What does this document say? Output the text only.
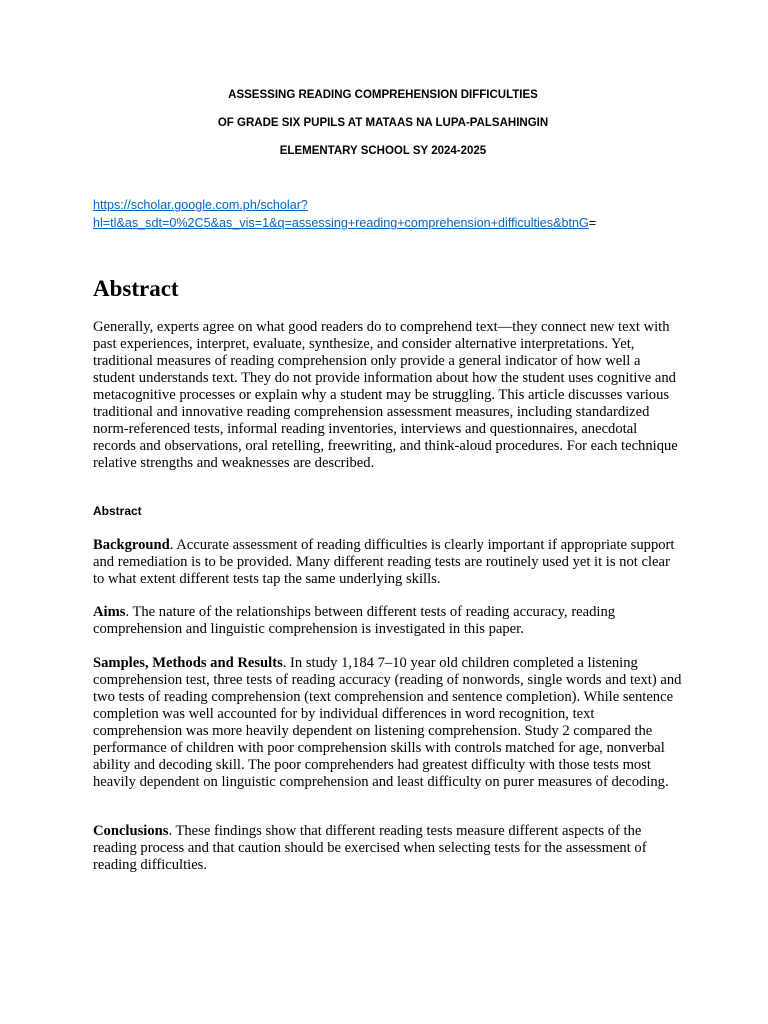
ASSESSING READING COMPREHENSION DIFFICULTIES

OF GRADE SIX PUPILS AT MATAAS NA LUPA-PALSAHINGIN

ELEMENTARY SCHOOL SY 2024-2025

https://scholar.google.com.ph/scholar?
hl=tl&as_sdt=0%2C5&as_vis=1&q=assessing+reading+comprehension+difficulties&btnG=
Abstract

Generally, experts agree on what good readers do to comprehend text—they connect new text with past experiences, interpret, evaluate, synthesize, and consider alternative interpretations. Yet, traditional measures of reading comprehension only provide a general indicator of how well a student understands text. They do not provide information about how the student uses cognitive and metacognitive processes or explain why a student may be struggling. This article discusses various traditional and innovative reading comprehension assessment measures, including standardized norm-referenced tests, informal reading inventories, interviews and questionnaires, anecdotal records and observations, oral retelling, freewriting, and think-aloud procedures. For each technique relative strengths and weaknesses are described.

Abstract

Background. Accurate assessment of reading difficulties is clearly important if appropriate support and remediation is to be provided. Many different reading tests are routinely used yet it is not clear to what extent different tests tap the same underlying skills.

Aims. The nature of the relationships between different tests of reading accuracy, reading comprehension and linguistic comprehension is investigated in this paper.

Samples, Methods and Results. In study 1,184 7–10 year old children completed a listening comprehension test, three tests of reading accuracy (reading of nonwords, single words and text) and two tests of reading comprehension (text comprehension and sentence completion). While sentence completion was well accounted for by individual differences in word recognition, text comprehension was more heavily dependent on listening comprehension. Study 2 compared the performance of children with poor comprehension skills with controls matched for age, nonverbal ability and decoding skill. The poor comprehenders had greatest difficulty with those tests most heavily dependent on linguistic comprehension and least difficulty on purer measures of decoding.

Conclusions. These findings show that different reading tests measure different aspects of the reading process and that caution should be exercised when selecting tests for the assessment of reading difficulties.
